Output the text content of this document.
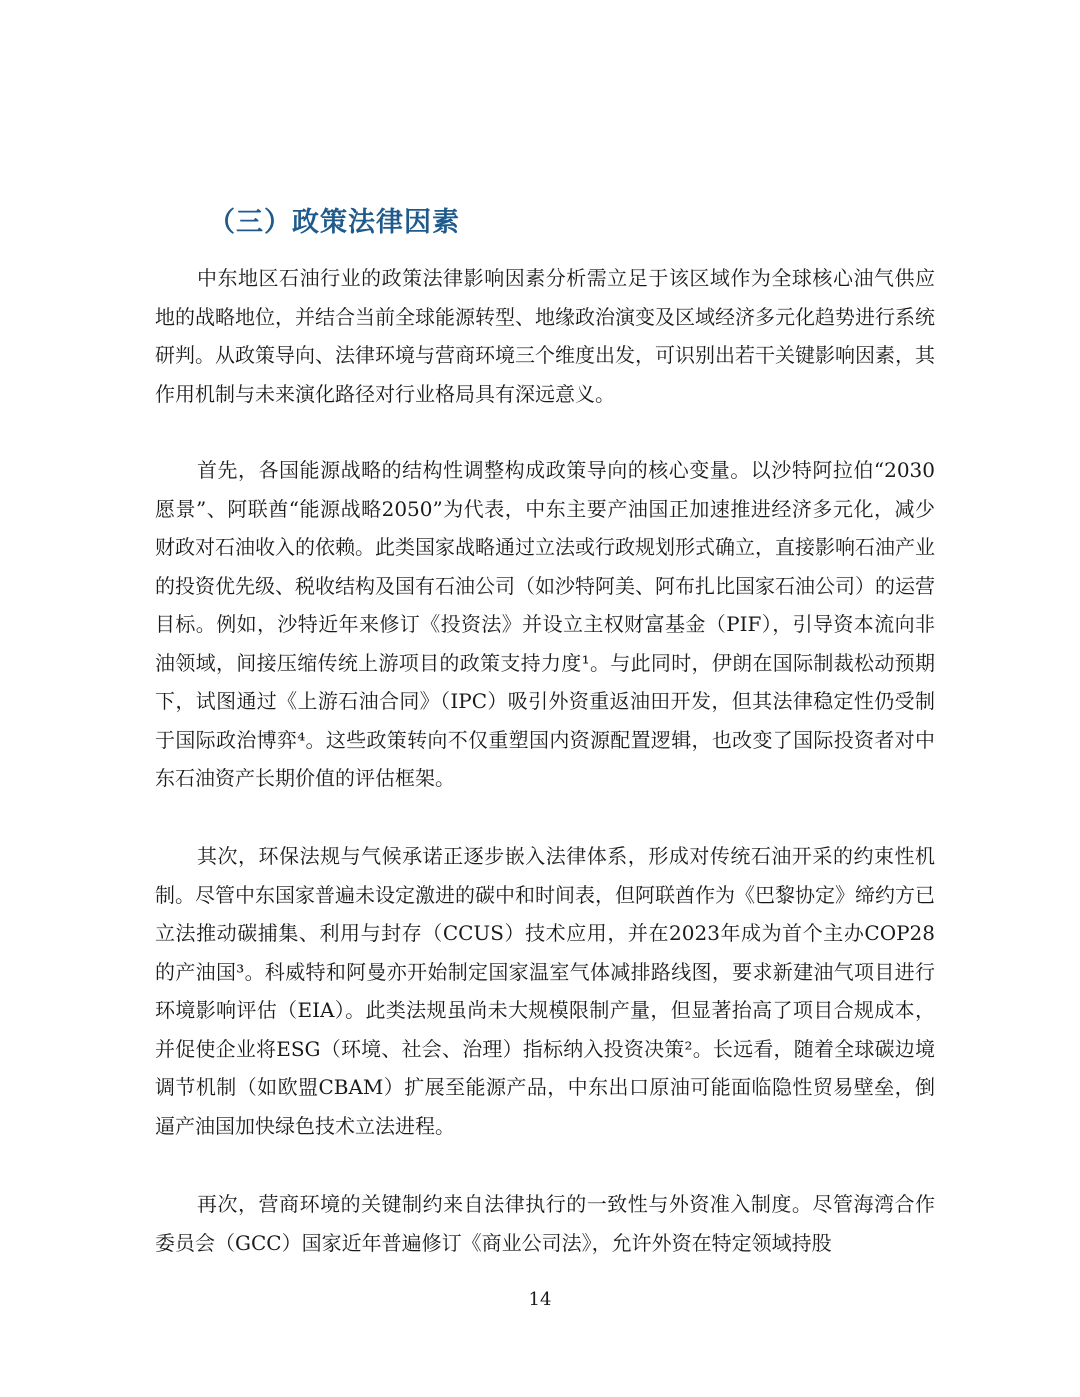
（三）政策法律因素

中东地区石油行业的政策法律影响因素分析需立足于该区域作为全球核心油气供应地的战略地位，并结合当前全球能源转型、地缘政治演变及区域经济多元化趋势进行系统研判。从政策导向、法律环境与营商环境三个维度出发，可识别出若干关键影响因素，其作用机制与未来演化路径对行业格局具有深远意义。

首先，各国能源战略的结构性调整构成政策导向的核心变量。以沙特阿拉伯“2030愿景”、阿联酋“能源战略2050”为代表，中东主要产油国正加速推进经济多元化，减少财政对石油收入的依赖。此类国家战略通过立法或行政规划形式确立，直接影响石油产业的投资优先级、税收结构及国有石油公司（如沙特阿美、阿布扎比国家石油公司）的运营目标。例如，沙特近年来修订《投资法》并设立主权财富基金（PIF），引导资本流向非油领域，间接压缩传统上游项目的政策支持力度¹。与此同时，伊朗在国际制裁松动预期下，试图通过《上游石油合同》（IPC）吸引外资重返油田开发，但其法律稳定性仍受制于国际政治博弈⁴。这些政策转向不仅重塑国内资源配置逻辑，也改变了国际投资者对中东石油资产长期价值的评估框架。

其次，环保法规与气候承诺正逐步嵌入法律体系，形成对传统石油开采的约束性机制。尽管中东国家普遍未设定激进的碳中和时间表，但阿联酋作为《巴黎协定》缔约方已立法推动碳捕集、利用与封存（CCUS）技术应用，并在2023年成为首个主办COP28的产油国³。科威特和阿曼亦开始制定国家温室气体减排路线图，要求新建油气项目进行环境影响评估（EIA）。此类法规虽尚未大规模限制产量，但显著抬高了项目合规成本，并促使企业将ESG（环境、社会、治理）指标纳入投资决策²。长远看，随着全球碳边境调节机制（如欧盟CBAM）扩展至能源产品，中东出口原油可能面临隐性贸易壁垒，倒逼产油国加快绿色技术立法进程。

再次，营商环境的关键制约来自法律执行的一致性与外资准入制度。尽管海湾合作委员会（GCC）国家近年普遍修订《商业公司法》，允许外资在特定领域持股

14
